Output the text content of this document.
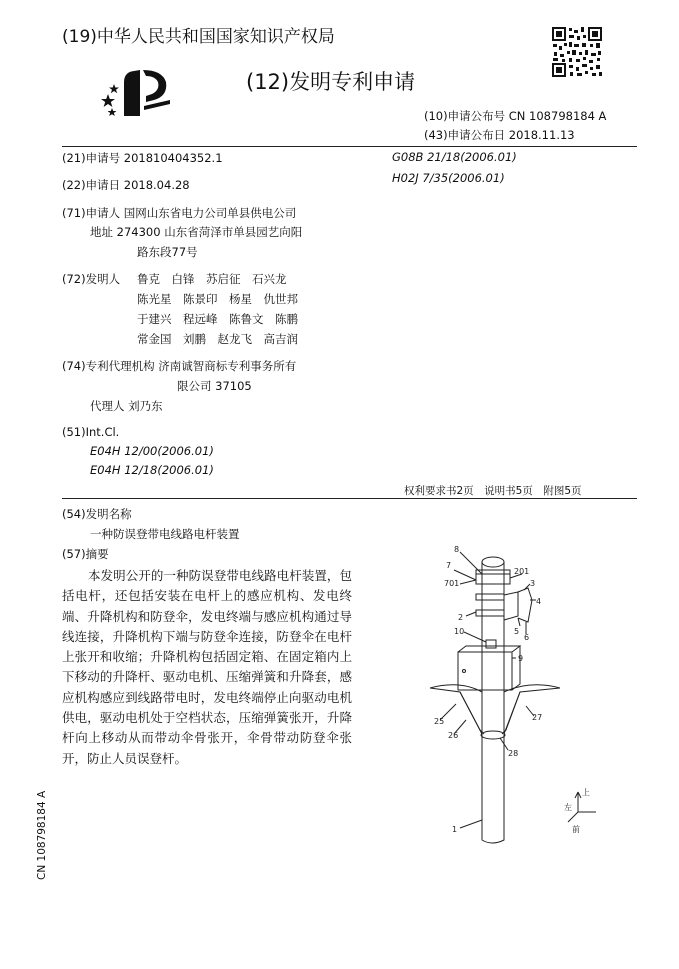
(19)中华人民共和国国家知识产权局
(12)发明专利申请
(10)申请公布号 CN 108798184 A
(43)申请公布日 2018.11.13
(21)申请号 201810404352.1	G08B 21/18(2006.01)
(22)申请日 2018.04.28	H02J 7/35(2006.01)
(71)申请人 国网山东省电力公司单县供电公司
地址 274300 山东省菏泽市单县园艺向阳
路东段77号
(72)发明人 鲁克　白锋　苏启征　石兴龙
陈光星　陈景印　杨星　仇世邦
于建兴　程远峰　陈鲁文　陈鹏
常金国　刘鹏　赵龙飞　高吉润
(74)专利代理机构 济南诚智商标专利事务所有
限公司 37105
代理人 刘乃东
(51)Int.Cl.
E04H 12/00(2006.01)
E04H 12/18(2006.01)
权利要求书2页　说明书5页　附图5页
(54)发明名称
一种防误登带电线路电杆装置
(57)摘要
本发明公开的一种防误登带电线路电杆装置，包括电杆，还包括安装在电杆上的感应机构、发电终端、升降机构和防登伞，发电终端与感应机构通过导线连接，升降机构下端与防登伞连接，防登伞在电杆上张开和收缩；升降机构包括固定箱、在固定箱内上下移动的升降杆、驱动电机、压缩弹簧和升降套，感应机构感应到线路带电时，发电终端停止向驱动电机供电，驱动电机处于空档状态，压缩弹簧张开，升降杆向上移动从而带动伞骨张开，伞骨带动防登伞张开，防止人员误登杆。
8
7
701
201
3
4
2
5
6
10
9
25	27
26
28
1
上
左
前
CN 108798184 A
